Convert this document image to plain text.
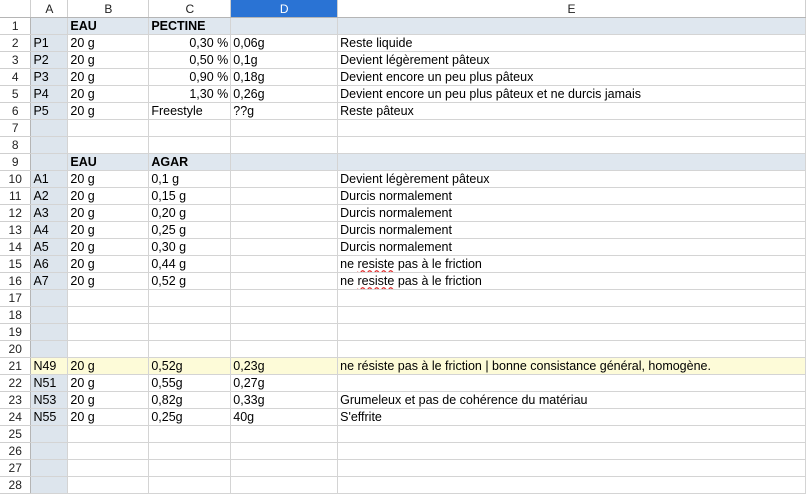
	A	B	C	D	E
1		EAU	PECTINE		
2	P1	20 g	0,30 %	0,06g	Reste liquide
3	P2	20 g	0,50 %	0,1g	Devient légèrement pâteux
4	P3	20 g	0,90 %	0,18g	Devient encore un peu plus pâteux
5	P4	20 g	1,30 %	0,26g	Devient encore un peu plus pâteux et ne durcis jamais
6	P5	20 g	Freestyle	??g	Reste pâteux
7					
8					
9		EAU	AGAR		
10	A1	20 g	0,1 g		Devient légèrement pâteux
11	A2	20 g	0,15 g		Durcis normalement
12	A3	20 g	0,20 g		Durcis normalement
13	A4	20 g	0,25 g		Durcis normalement
14	A5	20 g	0,30 g		Durcis normalement
15	A6	20 g	0,44 g		ne resiste pas à le friction
16	A7	20 g	0,52 g		ne resiste pas à le friction
17					
18					
19					
20					
21	N49	20 g	0,52g	0,23g	ne résiste pas à le friction | bonne consistance général, homogène.
22	N51	20 g	0,55g	0,27g	
23	N53	20 g	0,82g	0,33g	Grumeleux et pas de cohérence du matériau
24	N55	20 g	0,25g	40g	S'effrite
25					
26					
27					
28					
